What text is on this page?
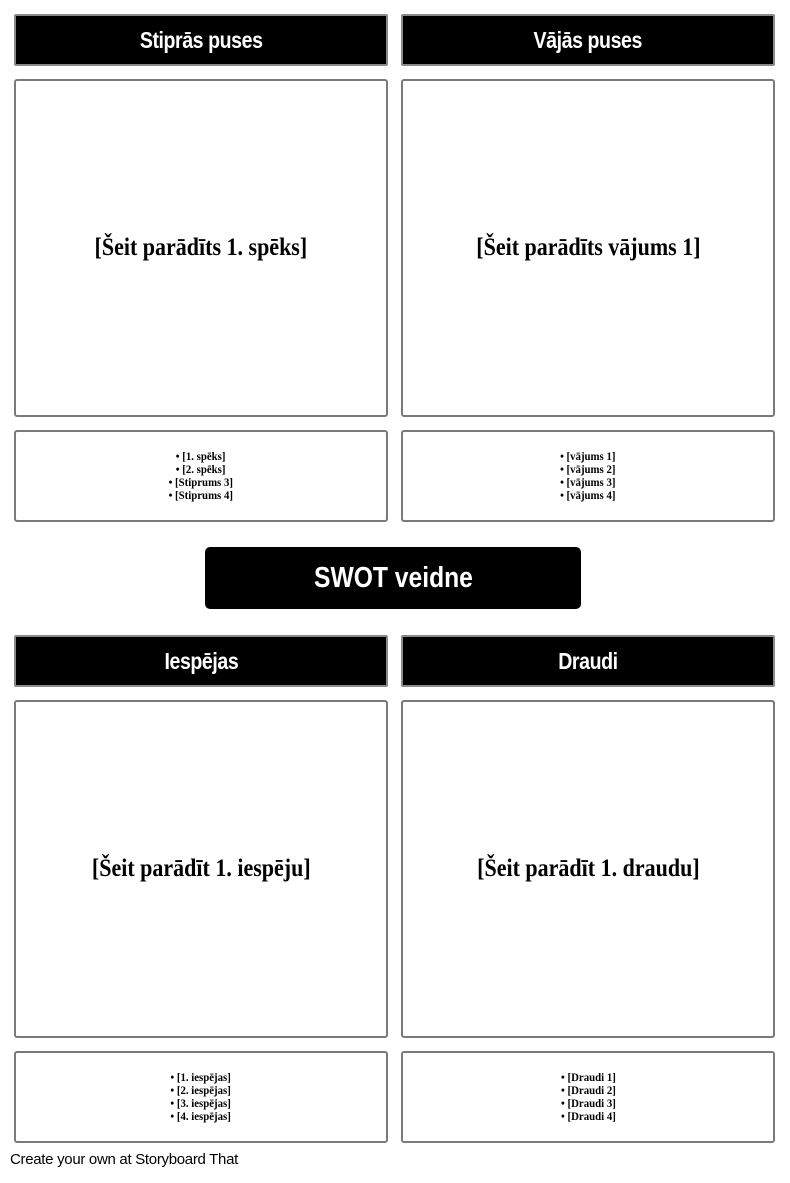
Stiprās puses
[Šeit parādīts 1. spēks]
• [1. spēks]
• [2. spēks]
• [Stiprums 3]
• [Stiprums 4]
Vājās puses
[Šeit parādīts vājums 1]
• [vājums 1]
• [vājums 2]
• [vājums 3]
• [vājums 4]
SWOT veidne
Iespējas
[Šeit parādīt 1. iespēju]
• [1. iespējas]
• [2. iespējas]
• [3. iespējas]
• [4. iespējas]
Draudi
[Šeit parādīt 1. draudu]
• [Draudi 1]
• [Draudi 2]
• [Draudi 3]
• [Draudi 4]
Create your own at Storyboard That
